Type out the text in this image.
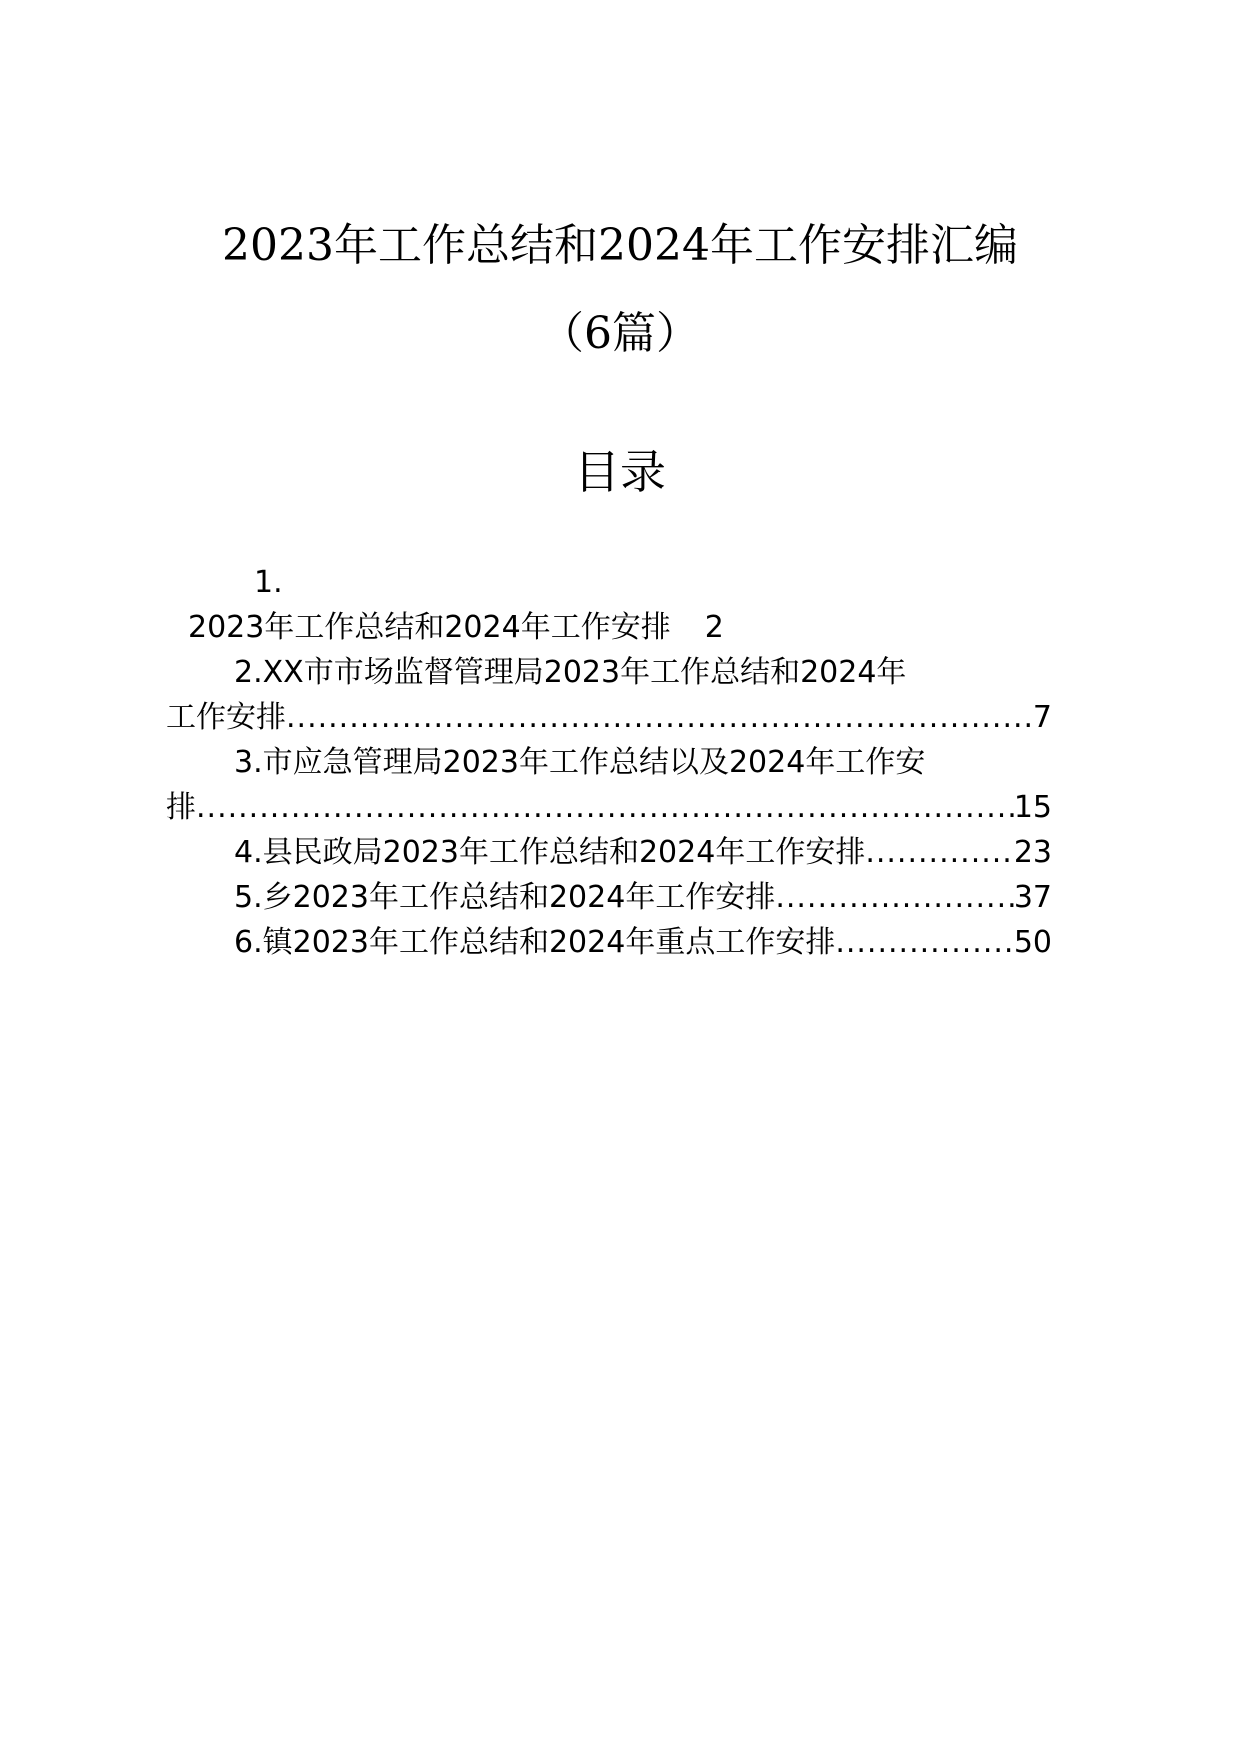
2023年工作总结和2024年工作安排汇编
（6篇）
目录
1.
2023年工作总结和2024年工作安排 2
2.XX市市场监督管理局2023年工作总结和2024年
工作安排 .....	7
3.市应急管理局2023年工作总结以及2024年工作安
排 .....	15
4.县民政局2023年工作总结和2024年工作安排 .....	23
5.乡2023年工作总结和2024年工作安排 .....	37
6.镇2023年工作总结和2024年重点工作安排 .....	50
